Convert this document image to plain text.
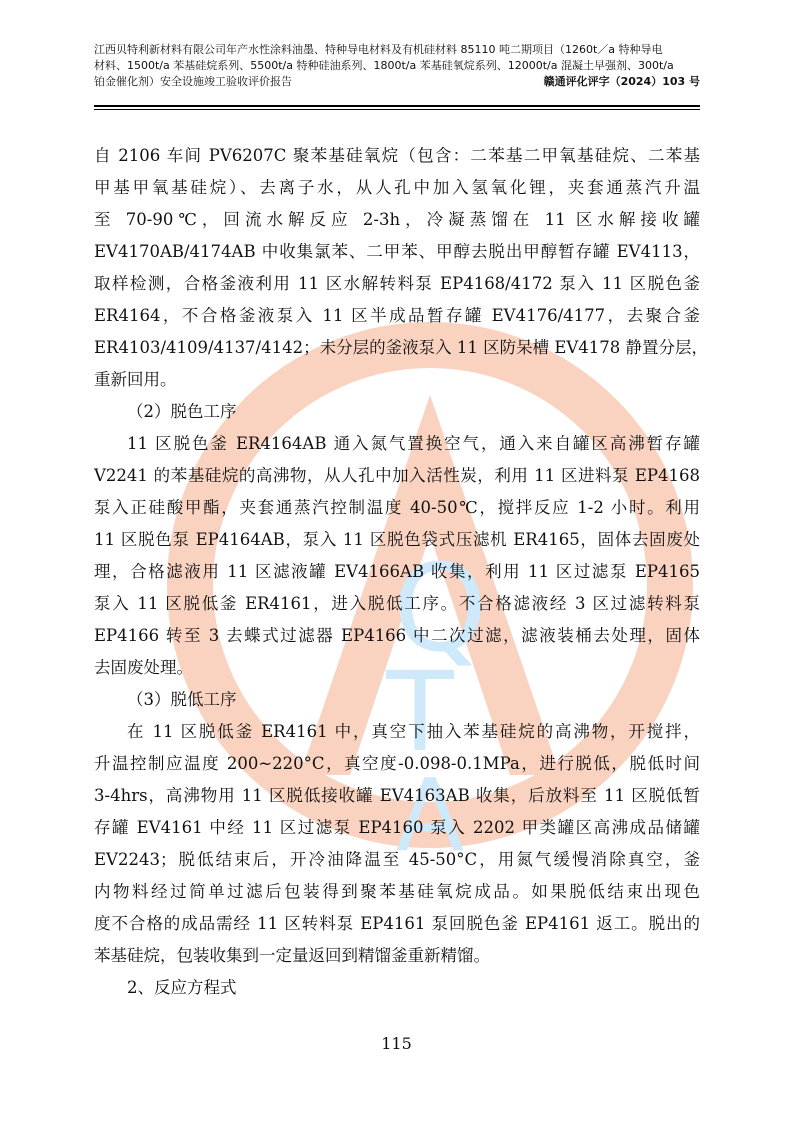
Q
T
A
江西贝特利新材料有限公司年产水性涂料油墨、特种导电材料及有机硅材料 85110 吨二期项目（1260t／a 特种导电
材料、1500t/a 苯基硅烷系列、5500t/a 特种硅油系列、1800t/a 苯基硅氧烷系列、12000t/a 混凝土早强剂、300t/a
铂金催化剂）安全设施竣工验收评价报告	赣通评化评字（2024）103 号

自 2106 车间 PV6207C 聚苯基硅氧烷（包含：二苯基二甲氧基硅烷、二苯基
甲基甲氧基硅烷）、去离子水，从人孔中加入氢氧化锂，夹套通蒸汽升温
至 70-90℃，回流水解反应 2-3h，冷凝蒸馏在 11 区水解接收罐
EV4170AB/4174AB 中收集氯苯、二甲苯、甲醇去脱出甲醇暂存罐 EV4113，
取样检测，合格釜液利用 11 区水解转料泵 EP4168/4172 泵入 11 区脱色釜
ER4164，不合格釜液泵入 11 区半成品暂存罐 EV4176/4177，去聚合釜
ER4103/4109/4137/4142；未分层的釜液泵入 11 区防呆槽 EV4178 静置分层，
重新回用。

（2）脱色工序

11 区脱色釜 ER4164AB 通入氮气置换空气，通入来自罐区高沸暂存罐
V2241 的苯基硅烷的高沸物，从人孔中加入活性炭，利用 11 区进料泵 EP4168
泵入正硅酸甲酯，夹套通蒸汽控制温度 40-50℃，搅拌反应 1-2 小时。利用
11 区脱色泵 EP4164AB，泵入 11 区脱色袋式压滤机 ER4165，固体去固废处
理，合格滤液用 11 区滤液罐 EV4166AB 收集，利用 11 区过滤泵 EP4165
泵入 11 区脱低釜 ER4161，进入脱低工序。不合格滤液经 3 区过滤转料泵
EP4166 转至 3 去蝶式过滤器 EP4166 中二次过滤，滤液装桶去处理，固体
去固废处理。

（3）脱低工序

在 11 区脱低釜 ER4161 中，真空下抽入苯基硅烷的高沸物，开搅拌，
升温控制应温度 200~220°C，真空度-0.098-0.1MPa，进行脱低，脱低时间
3-4hrs，高沸物用 11 区脱低接收罐 EV4163AB 收集，后放料至 11 区脱低暂
存罐 EV4161 中经 11 区过滤泵 EP4160 泵入 2202 甲类罐区高沸成品储罐
EV2243；脱低结束后，开冷油降温至 45-50°C，用氮气缓慢消除真空，釜
内物料经过简单过滤后包装得到聚苯基硅氧烷成品。如果脱低结束出现色
度不合格的成品需经 11 区转料泵 EP4161 泵回脱色釜 EP4161 返工。脱出的
苯基硅烷，包装收集到一定量返回到精馏釜重新精馏。

2、反应方程式

115
